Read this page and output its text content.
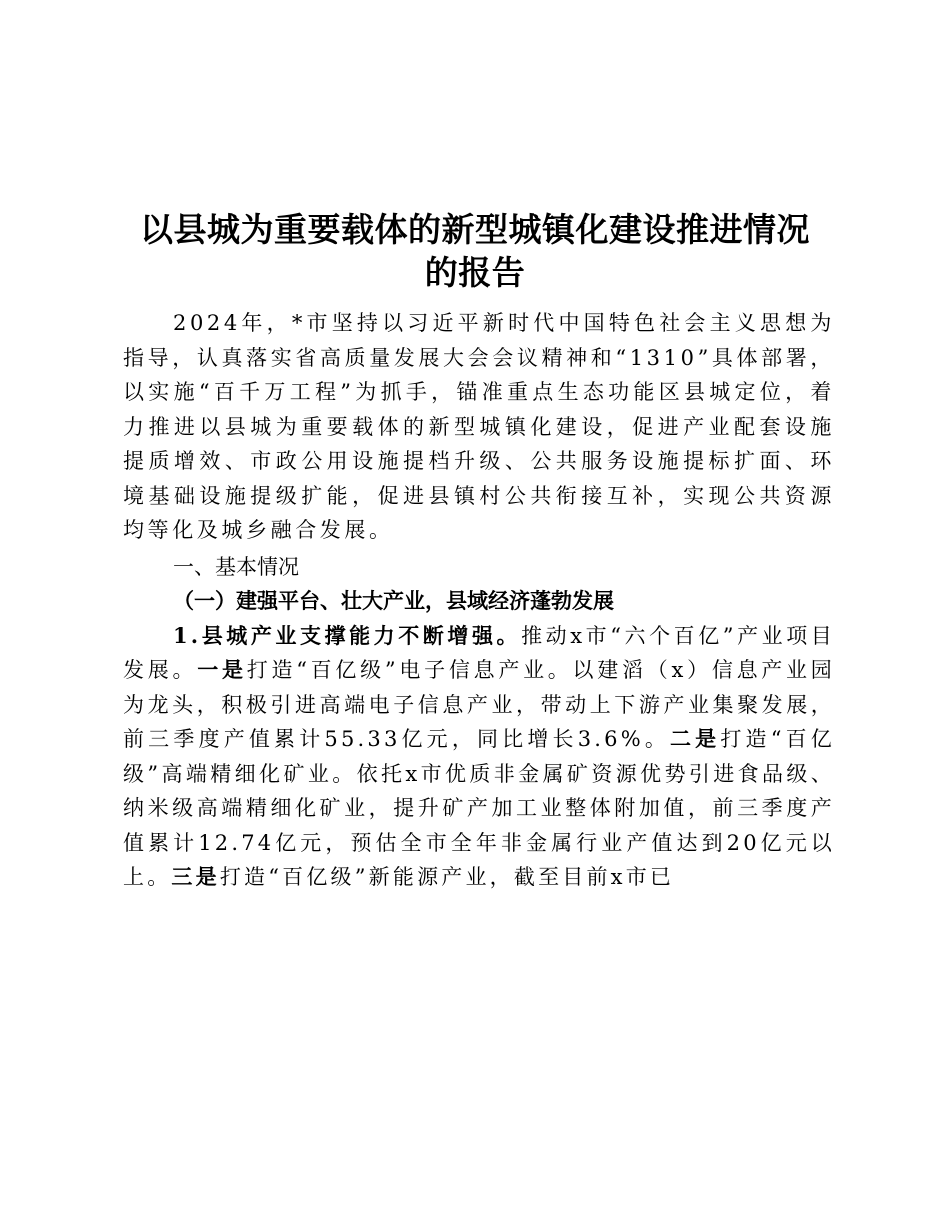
以县城为重要载体的新型城镇化建设推进情况
的报告

2024年，*市坚持以习近平新时代中国特色社会主义思想为指导，认真落实省高质量发展大会会议精神和“1310”具体部署，以实施“百千万工程”为抓手，锚准重点生态功能区县城定位，着力推进以县城为重要载体的新型城镇化建设，促进产业配套设施提质增效、市政公用设施提档升级、公共服务设施提标扩面、环境基础设施提级扩能，促进县镇村公共衔接互补，实现公共资源均等化及城乡融合发展。

一、基本情况

（一）建强平台、壮大产业，县域经济蓬勃发展

1.县城产业支撑能力不断增强。推动x市“六个百亿”产业项目发展。一是打造“百亿级”电子信息产业。以建滔（x）信息产业园为龙头，积极引进高端电子信息产业，带动上下游产业集聚发展，前三季度产值累计55.33亿元，同比增长3.6%。二是打造“百亿级”高端精细化矿业。依托x市优质非金属矿资源优势引进食品级、纳米级高端精细化矿业，提升矿产加工业整体附加值，前三季度产值累计12.74亿元，预估全市全年非金属行业产值达到20亿元以上。三是打造“百亿级”新能源产业，截至目前x市已
